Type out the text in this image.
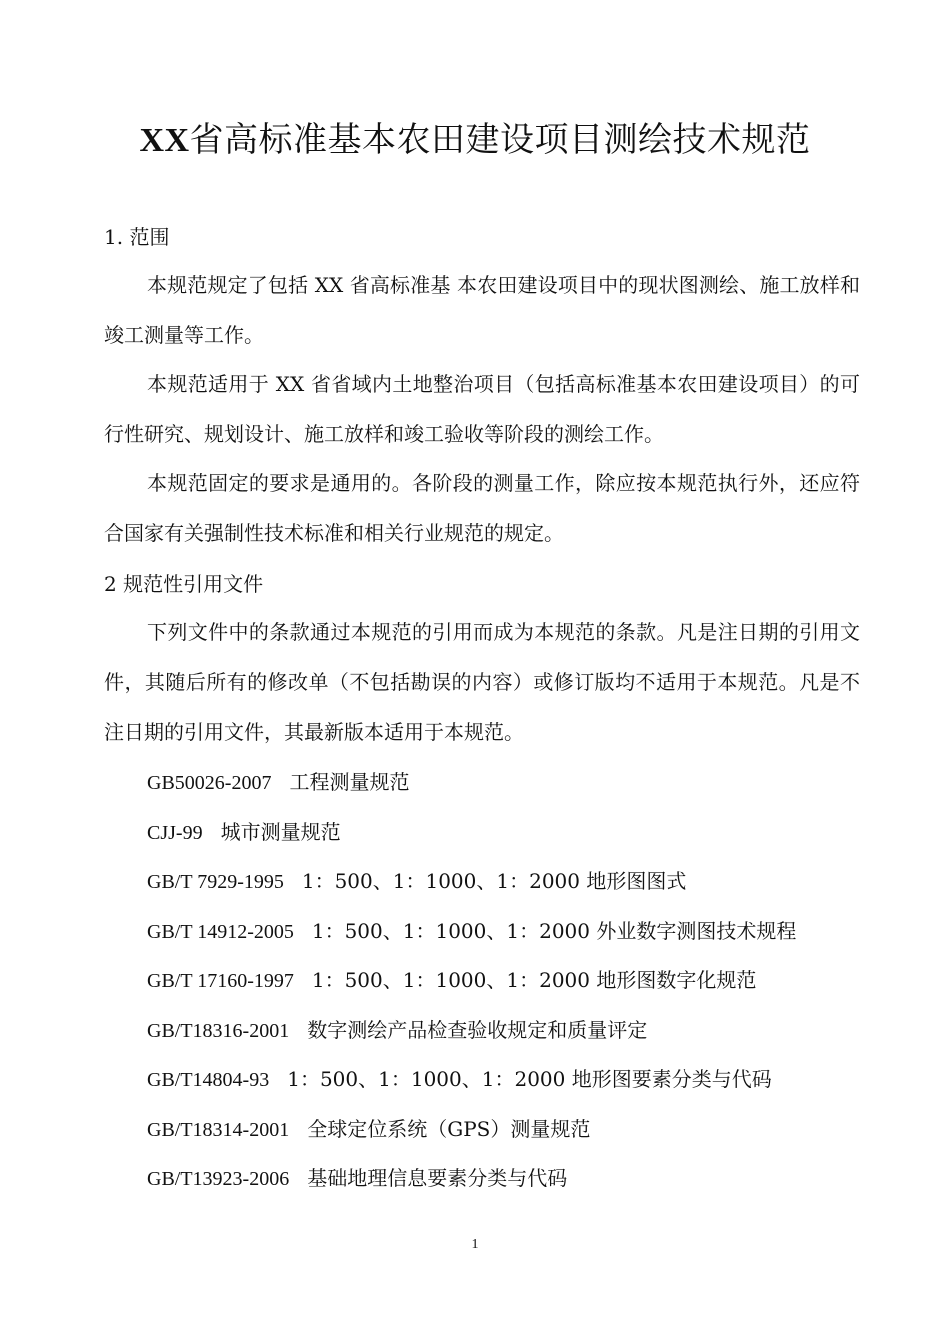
XX省高标准基本农田建设项目测绘技术规范
1. 范围
本规范规定了包括 XX 省高标准基 本农田建设项目中的现状图测绘、施工放样和竣工测量等工作。
本规范适用于 XX 省省域内土地整治项目（包括高标准基本农田建设项目）的可行性研究、规划设计、施工放样和竣工验收等阶段的测绘工作。
本规范固定的要求是通用的。各阶段的测量工作，除应按本规范执行外，还应符合国家有关强制性技术标准和相关行业规范的规定。
2 规范性引用文件
下列文件中的条款通过本规范的引用而成为本规范的条款。凡是注日期的引用文件，其随后所有的修改单（不包括勘误的内容）或修订版均不适用于本规范。凡是不注日期的引用文件，其最新版本适用于本规范。
GB50026-2007 工程测量规范
CJJ-99 城市测量规范
GB/T 7929-1995 1：500、1：1000、1：2000 地形图图式
GB/T 14912-2005 1：500、1：1000、1：2000 外业数字测图技术规程
GB/T 17160-1997 1：500、1：1000、1：2000 地形图数字化规范
GB/T18316-2001 数字测绘产品检查验收规定和质量评定
GB/T14804-93 1：500、1：1000、1：2000 地形图要素分类与代码
GB/T18314-2001 全球定位系统（GPS）测量规范
GB/T13923-2006 基础地理信息要素分类与代码
1
